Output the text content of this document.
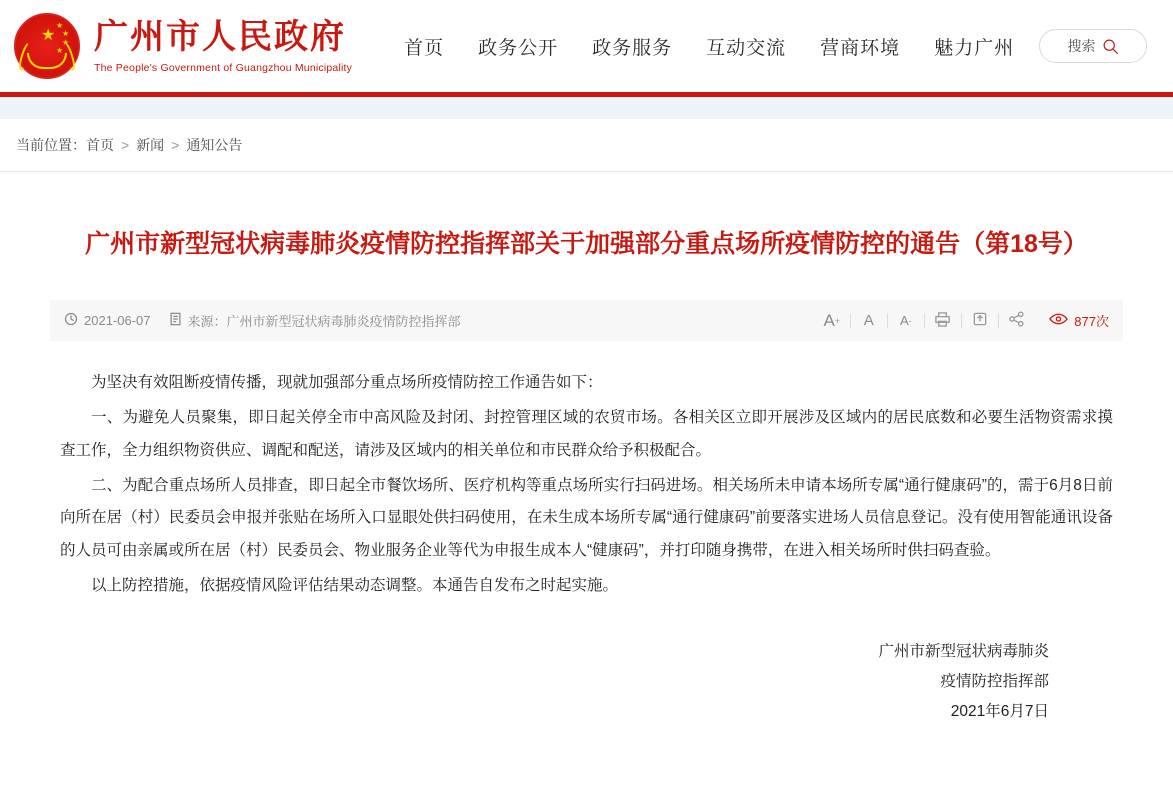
★
★
★
★
★ 广州市人民政府
The People's Government of Guangzhou Municipality
首页 政务公开 政务服务 互动交流 营商环境 魅力广州	搜索
当前位置：首页 > 新闻 > 通知公告
广州市新型冠状病毒肺炎疫情防控指挥部关于加强部分重点场所疫情防控的通告（第18号）
2021-06-07	来源：广州市新型冠状病毒肺炎疫情防控指挥部	A + A A -	877次

为坚决有效阻断疫情传播，现就加强部分重点场所疫情防控工作通告如下：

一、为避免人员聚集，即日起关停全市中高风险及封闭、封控管理区域的农贸市场。各相关区立即开展涉及区域内的居民底数和必要生活物资需求摸查工作，全力组织物资供应、调配和配送，请涉及区域内的相关单位和市民群众给予积极配合。

二、为配合重点场所人员排查，即日起全市餐饮场所、医疗机构等重点场所实行扫码进场。相关场所未申请本场所专属“通行健康码”的，需于6月8日前向所在居（村）民委员会申报并张贴在场所入口显眼处供扫码使用，在未生成本场所专属“通行健康码”前要落实进场人员信息登记。没有使用智能通讯设备的人员可由亲属或所在居（村）民委员会、物业服务企业等代为申报生成本人“健康码”，并打印随身携带，在进入相关场所时供扫码查验。

以上防控措施，依据疫情风险评估结果动态调整。本通告自发布之时起实施。

广州市新型冠状病毒肺炎
疫情防控指挥部
2021年6月7日
